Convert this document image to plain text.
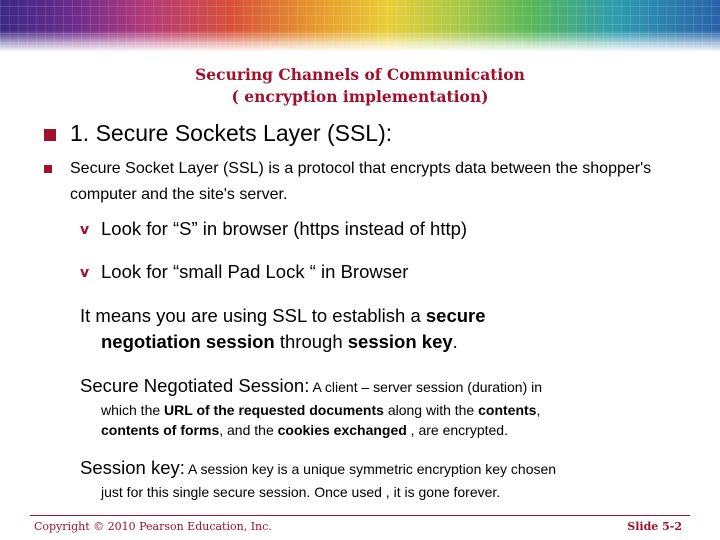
Securing Channels of Communication
( encryption implementation)
1. Secure Sockets Layer (SSL):
Secure Socket Layer (SSL) is a protocol that encrypts data between the shopper's computer and the site's server.
v Look for “S” in browser (https instead of http)
v Look for “small Pad Lock “ in Browser
It means you are using SSL to establish a secure
negotiation session through session key.
Secure Negotiated Session: A client – server session (duration) in
which the URL of the requested documents along with the contents,
contents of forms, and the cookies exchanged , are encrypted.
Session key: A session key is a unique symmetric encryption key chosen
just for this single secure session. Once used , it is gone forever.
Copyright © 2010 Pearson Education, Inc.	Slide 5-2
